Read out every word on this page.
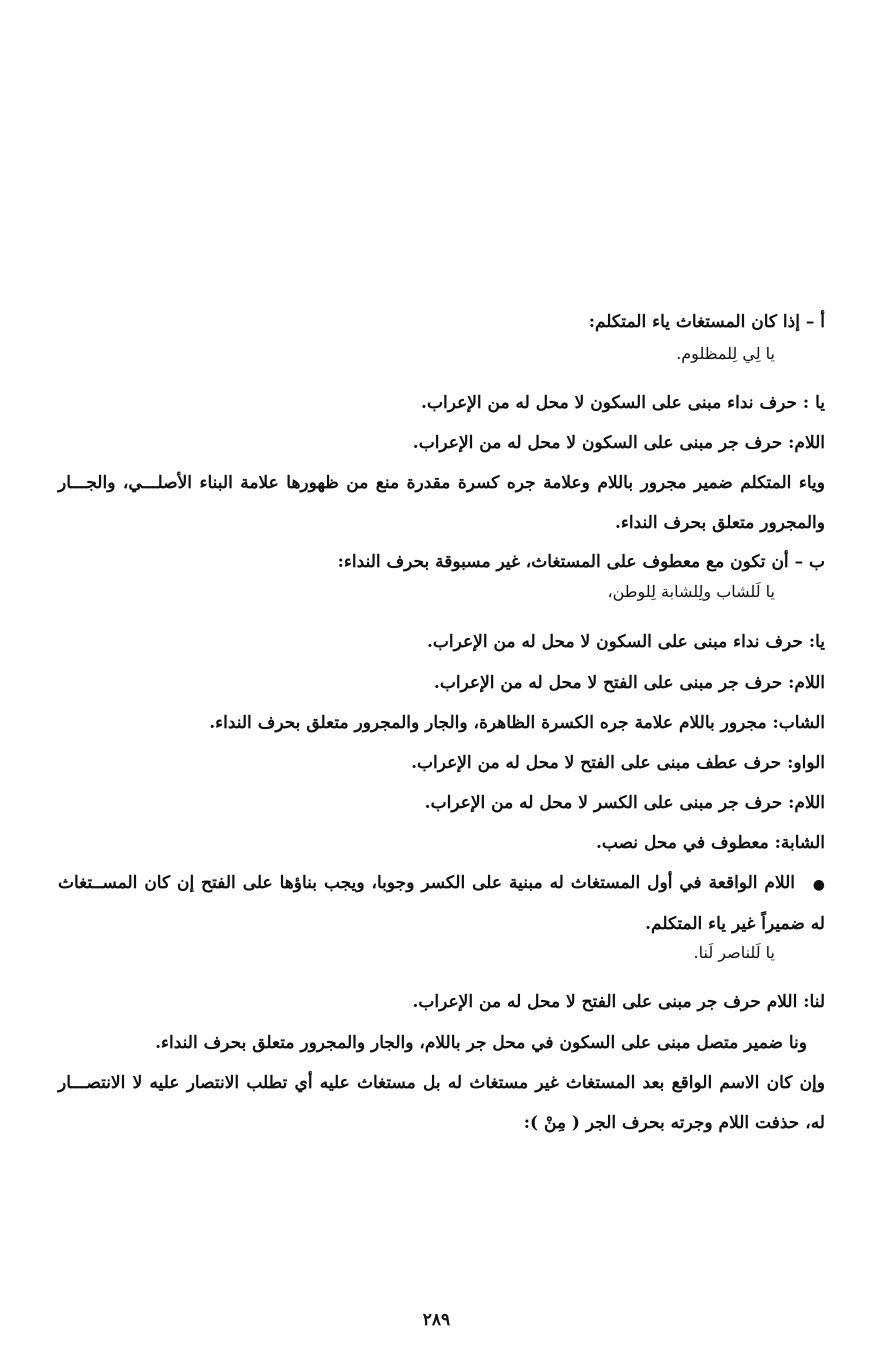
أ – إذا كان المستغاث ياء المتكلم:
يا لِي لِلمظلوم.
يا : حرف نداء مبنى على السكون لا محل له من الإعراب.
اللام: حرف جر مبنى على السكون لا محل له من الإعراب.
وياء المتكلم ضمير مجرور باللام وعلامة جره كسرة مقدرة منع من ظهورها علامة البناء الأصلـــي، والجـــار
والمجرور متعلق بحرف النداء.
ب – أن تكون مع معطوف على المستغاث، غير مسبوقة بحرف النداء:
يا لَلشاب ولِلشابة لِلوطن،
يا: حرف نداء مبنى على السكون لا محل له من الإعراب.
اللام: حرف جر مبنى على الفتح لا محل له من الإعراب.
الشاب: مجرور باللام علامة جره الكسرة الظاهرة، والجار والمجرور متعلق بحرف النداء.
الواو: حرف عطف مبنى على الفتح لا محل له من الإعراب.
اللام: حرف جر مبنى على الكسر لا محل له من الإعراب.
الشابة: معطوف في محل نصب.
●
اللام الواقعة في أول المستغاث له مبنية على الكسر وجوبا، ويجب بناؤها على الفتح إن كان المســتغاث
له ضميراً غير ياء المتكلم.
يا لَلناصر لَنا.
لنا: اللام حرف جر مبنى على الفتح لا محل له من الإعراب.
ونا ضمير متصل مبنى على السكون في محل جر باللام، والجار والمجرور متعلق بحرف النداء.
وإن كان الاسم الواقع بعد المستغاث غير مستغاث له بل مستغاث عليه أي تطلب الانتصار عليه لا الانتصـــار
له، حذفت اللام وجرته بحرف الجر ( مِنْ ):
٢٨٩
